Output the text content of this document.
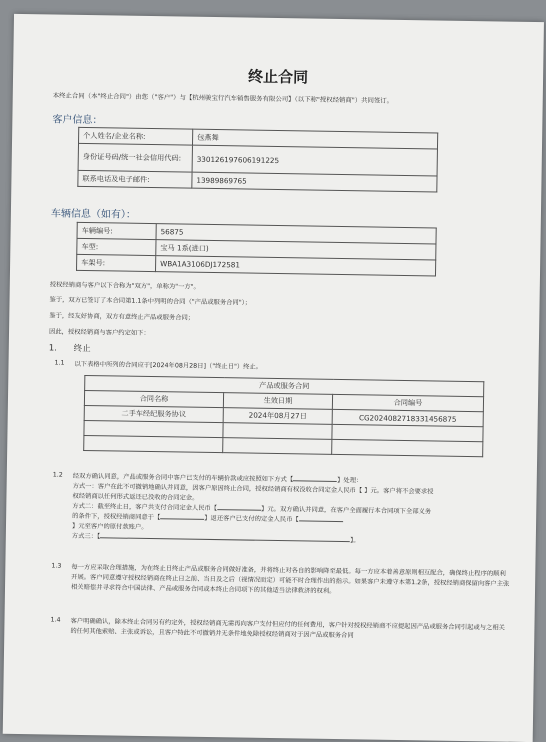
终止合同
本终止合同（本"终止合同"）由您（"客户"）与【杭州骏宝行汽车销售服务有限公司】（以下称"授权经销商"）共同签订。
客户信息：
个人姓名/企业名称:	包燕舞
身份证号码/统一社会信用代码:	330126197606191225
联系电话及电子邮件:	13989869765
车辆信息（如有）：
车辆编号:	56875
车型:	宝马 1系(进口)
车架号:	WBA1A3106DJ172581
授权经销商与客户以下合称为"双方"，单称为"一方"。
鉴于，双方已签订了本合同第1.1条中列明的合同（"产品或服务合同"）；
鉴于，经友好协商，双方有意终止产品或服务合同；
因此，授权经销商与客户约定如下：
1. 终止
1.1 以下表格中所列的合同应于[2024年08月28日]（"终止日"）终止。
产品或服务合同		
合同名称	生效日期	合同编号
二手车经纪服务协议	2024年08月27日	CG20240827183314568​75

1.2 经双方确认同意，产品或服务合同中客户已支付的车辆价款或应按照如下方式【	】处理：
方式一：客户在此不可撤销地确认并同意，因客户原因终止合同，授权经销商有权没收合同定金人民币【 】元。客户将不会要求授
权经销商以任何形式返还已没收的合同定金。
方式二：截至终止日，客户共支付合同定金人民币【	】元。双方确认并同意，在客户全面履行本合同项下全部义务
的条件下，授权经销商同意于【	】返还客户已支付的定金人民币【
】元至客户的原付款账户。
方式三：【】。
1.3 每一方应采取合理措施，为在终止日终止产品或服务合同做好准备，并将终止对各自的影响降至最低。每一方应本着善意原则相互配合，确保终止程序的顺利开展。客户同意遵守授权经销商在终止日之前、当日及之后（视情况而定）可能不时合理作出的指示。如果客户未遵守本第1.2条，授权经销商保留向客户主张相关赔偿并寻求符合中国法律、产品或服务合同或本终止合同项下的其他适当法律救济的权利。
1.4 客户明确确认，除本终止合同另有约定外，授权经销商无需再向客户支付但应付的任何费用，客户针对授权经销商不应提起因产品或服务合同引起或与之相关的任何其他索赔、主张或诉讼，且客户特此不可撤销并无条件地免除授权经销商对于因产品或服务合同
